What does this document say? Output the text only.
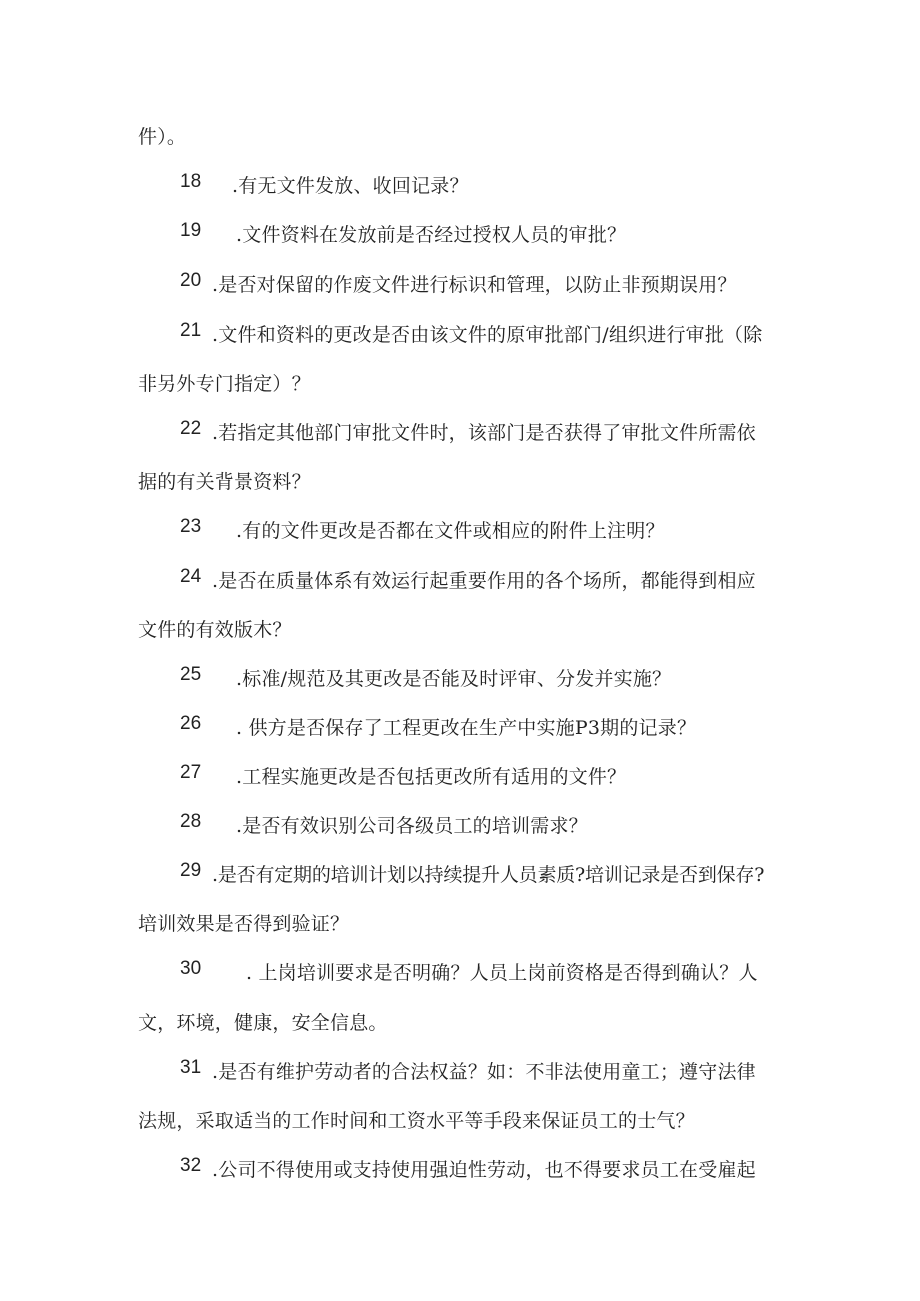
件）。
18 .有无文件发放、收回记录？
19 .文件资料在发放前是否经过授权人员的审批？
20 .是否对保留的作废文件进行标识和管理，以防止非预期误用？
21 .文件和资料的更改是否由该文件的原审批部门/组织进行审批（除
非另外专门指定）？
22 .若指定其他部门审批文件时，该部门是否获得了审批文件所需依
据的有关背景资料？
23 .有的文件更改是否都在文件或相应的附件上注明？
24 .是否在质量体系有效运行起重要作用的各个场所，都能得到相应
文件的有效版木？
25 .标准/规范及其更改是否能及时评审、分发并实施？
26 . 供方是否保存了工程更改在生产中实施P3期的记录？
27 .工程实施更改是否包括更改所有适用的文件？
28 .是否有效识别公司各级员工的培训需求？
29 .是否有定期的培训计划以持续提升人员素质?培训记录是否到保存?
培训效果是否得到验证？
30 . 上岗培训要求是否明确？人员上岗前资格是否得到确认？人
文，环境，健康，安全信息。
31 .是否有维护劳动者的合法权益？如：不非法使用童工；遵守法律
法规，采取适当的工作时间和工资水平等手段来保证员工的士气？
32 .公司不得使用或支持使用强迫性劳动，也不得要求员工在受雇起
